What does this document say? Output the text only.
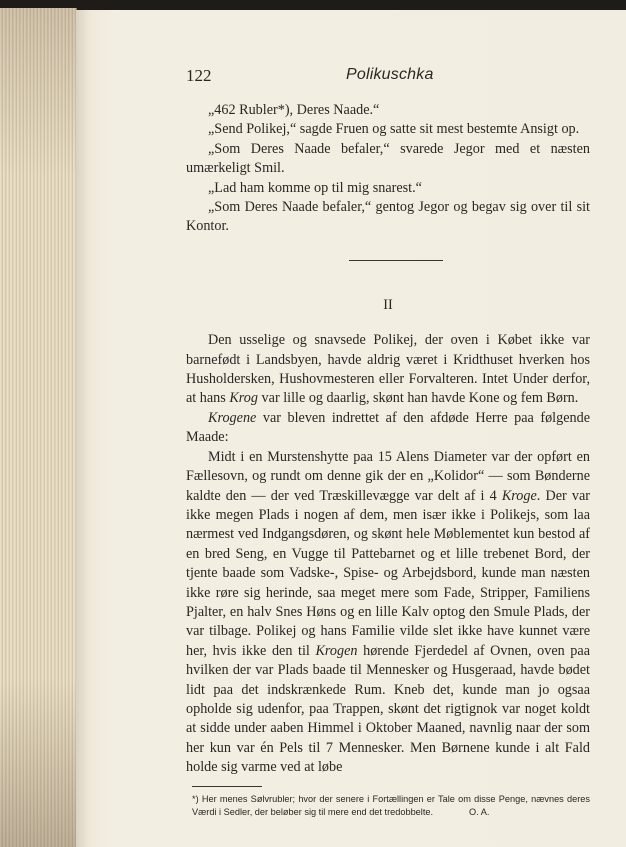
122	Polikuschka

„462 Rubler*), Deres Naade.“

„Send Polikej,“ sagde Fruen og satte sit mest bestemte Ansigt op.

„Som Deres Naade befaler,“ svarede Jegor med et næsten umærkeligt Smil.

„Lad ham komme op til mig snarest.“

„Som Deres Naade befaler,“ gentog Jegor og begav sig over til sit Kontor.

II

Den usselige og snavsede Polikej, der oven i Købet ikke var barnefødt i Landsbyen, havde aldrig været i Kridthuset hverken hos Husholdersken, Hushovmesteren eller Forvalteren. Intet Under derfor, at hans Krog var lille og daarlig, skønt han havde Kone og fem Børn.

Krogene var bleven indrettet af den afdøde Herre paa følgende Maade:

Midt i en Murstenshytte paa 15 Alens Diameter var der opført en Fællesovn, og rundt om denne gik der en „Kolidor“ — som Bønderne kaldte den — der ved Træskillevægge var delt af i 4 Kroge. Der var ikke megen Plads i nogen af dem, men især ikke i Polikejs, som laa nærmest ved Indgangsdøren, og skønt hele Møblementet kun bestod af en bred Seng, en Vugge til Pattebarnet og et lille trebenet Bord, der tjente baade som Vadske-, Spise- og Arbejdsbord, kunde man næsten ikke røre sig herinde, saa meget mere som Fade, Stripper, Familiens Pjalter, en halv Snes Høns og en lille Kalv optog den Smule Plads, der var tilbage. Polikej og hans Familie vilde slet ikke have kunnet være her, hvis ikke den til Krogen hørende Fjerdedel af Ovnen, oven paa hvilken der var Plads baade til Mennesker og Husgeraad, havde bødet lidt paa det indskrænkede Rum. Kneb det, kunde man jo ogsaa opholde sig udenfor, paa Trappen, skønt det rigtignok var noget koldt at sidde under aaben Himmel i Oktober Maaned, navnlig naar der som her kun var én Pels til 7 Mennesker. Men Børnene kunde i alt Fald holde sig varme ved at løbe

*) Her menes Sølvrubler; hvor der senere i Fortællingen er Tale om disse Penge, nævnes deres Værdi i Sedler, der beløber sig til mere end det tredobbelte.	O. A.
